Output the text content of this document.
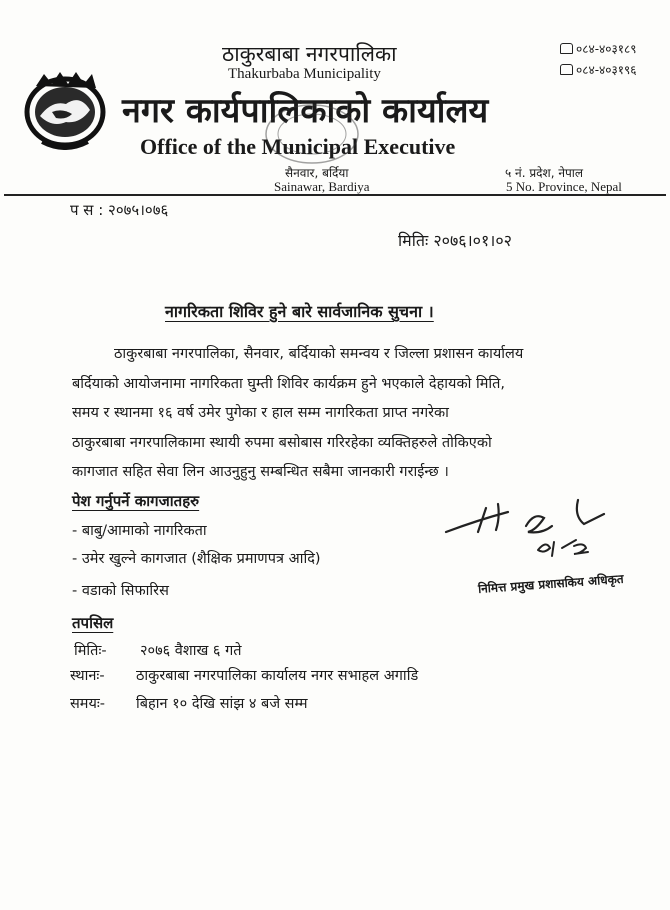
ठाकुरबाबा नगरपालिका
Thakurbaba Municipality
नगर कार्यपालिकाको कार्यालय
Office of the Municipal Executive
सैनवार, बर्दिया
Sainawar, Bardiya
५ नं. प्रदेश, नेपाल
5 No. Province, Nepal
०८४-४०३१८९
०८४-४०३१९६
प स : २०७५।०७६
मितिः २०७६।०१।०२
नागरिकता शिविर हुने बारे सार्वजानिक सुचना ।
ठाकुरबाबा नगरपालिका, सैनवार, बर्दियाको समन्वय र जिल्ला प्रशासन कार्यालय
बर्दियाको आयोजनामा नागरिकता घुम्ती शिविर कार्यक्रम हुने भएकाले देहायको मिति,
समय र स्थानमा १६ वर्ष उमेर पुगेका र हाल सम्म नागरिकता प्राप्त नगरेका
ठाकुरबाबा नगरपालिकामा स्थायी रुपमा बसोबास गरिरहेका व्यक्तिहरुले तोकिएको
कागजात सहित सेवा लिन आउनुहुनु सम्बन्धित सबैमा जानकारी गराईन्छ ।
पेश गर्नुपर्ने कागजातहरु
- बाबु/आमाको नागरिकता
- उमेर खुल्ने कागजात (शैक्षिक प्रमाणपत्र आदि)
- वडाको सिफारिस	निमित्त प्रमुख प्रशासकिय अधिकृत
तपसिल
मितिः- २०७६ वैशाख ६ गते
स्थानः- ठाकुरबाबा नगरपालिका कार्यालय नगर सभाहल अगाडि
समयः- बिहान १० देखि सांझ ४ बजे सम्म
